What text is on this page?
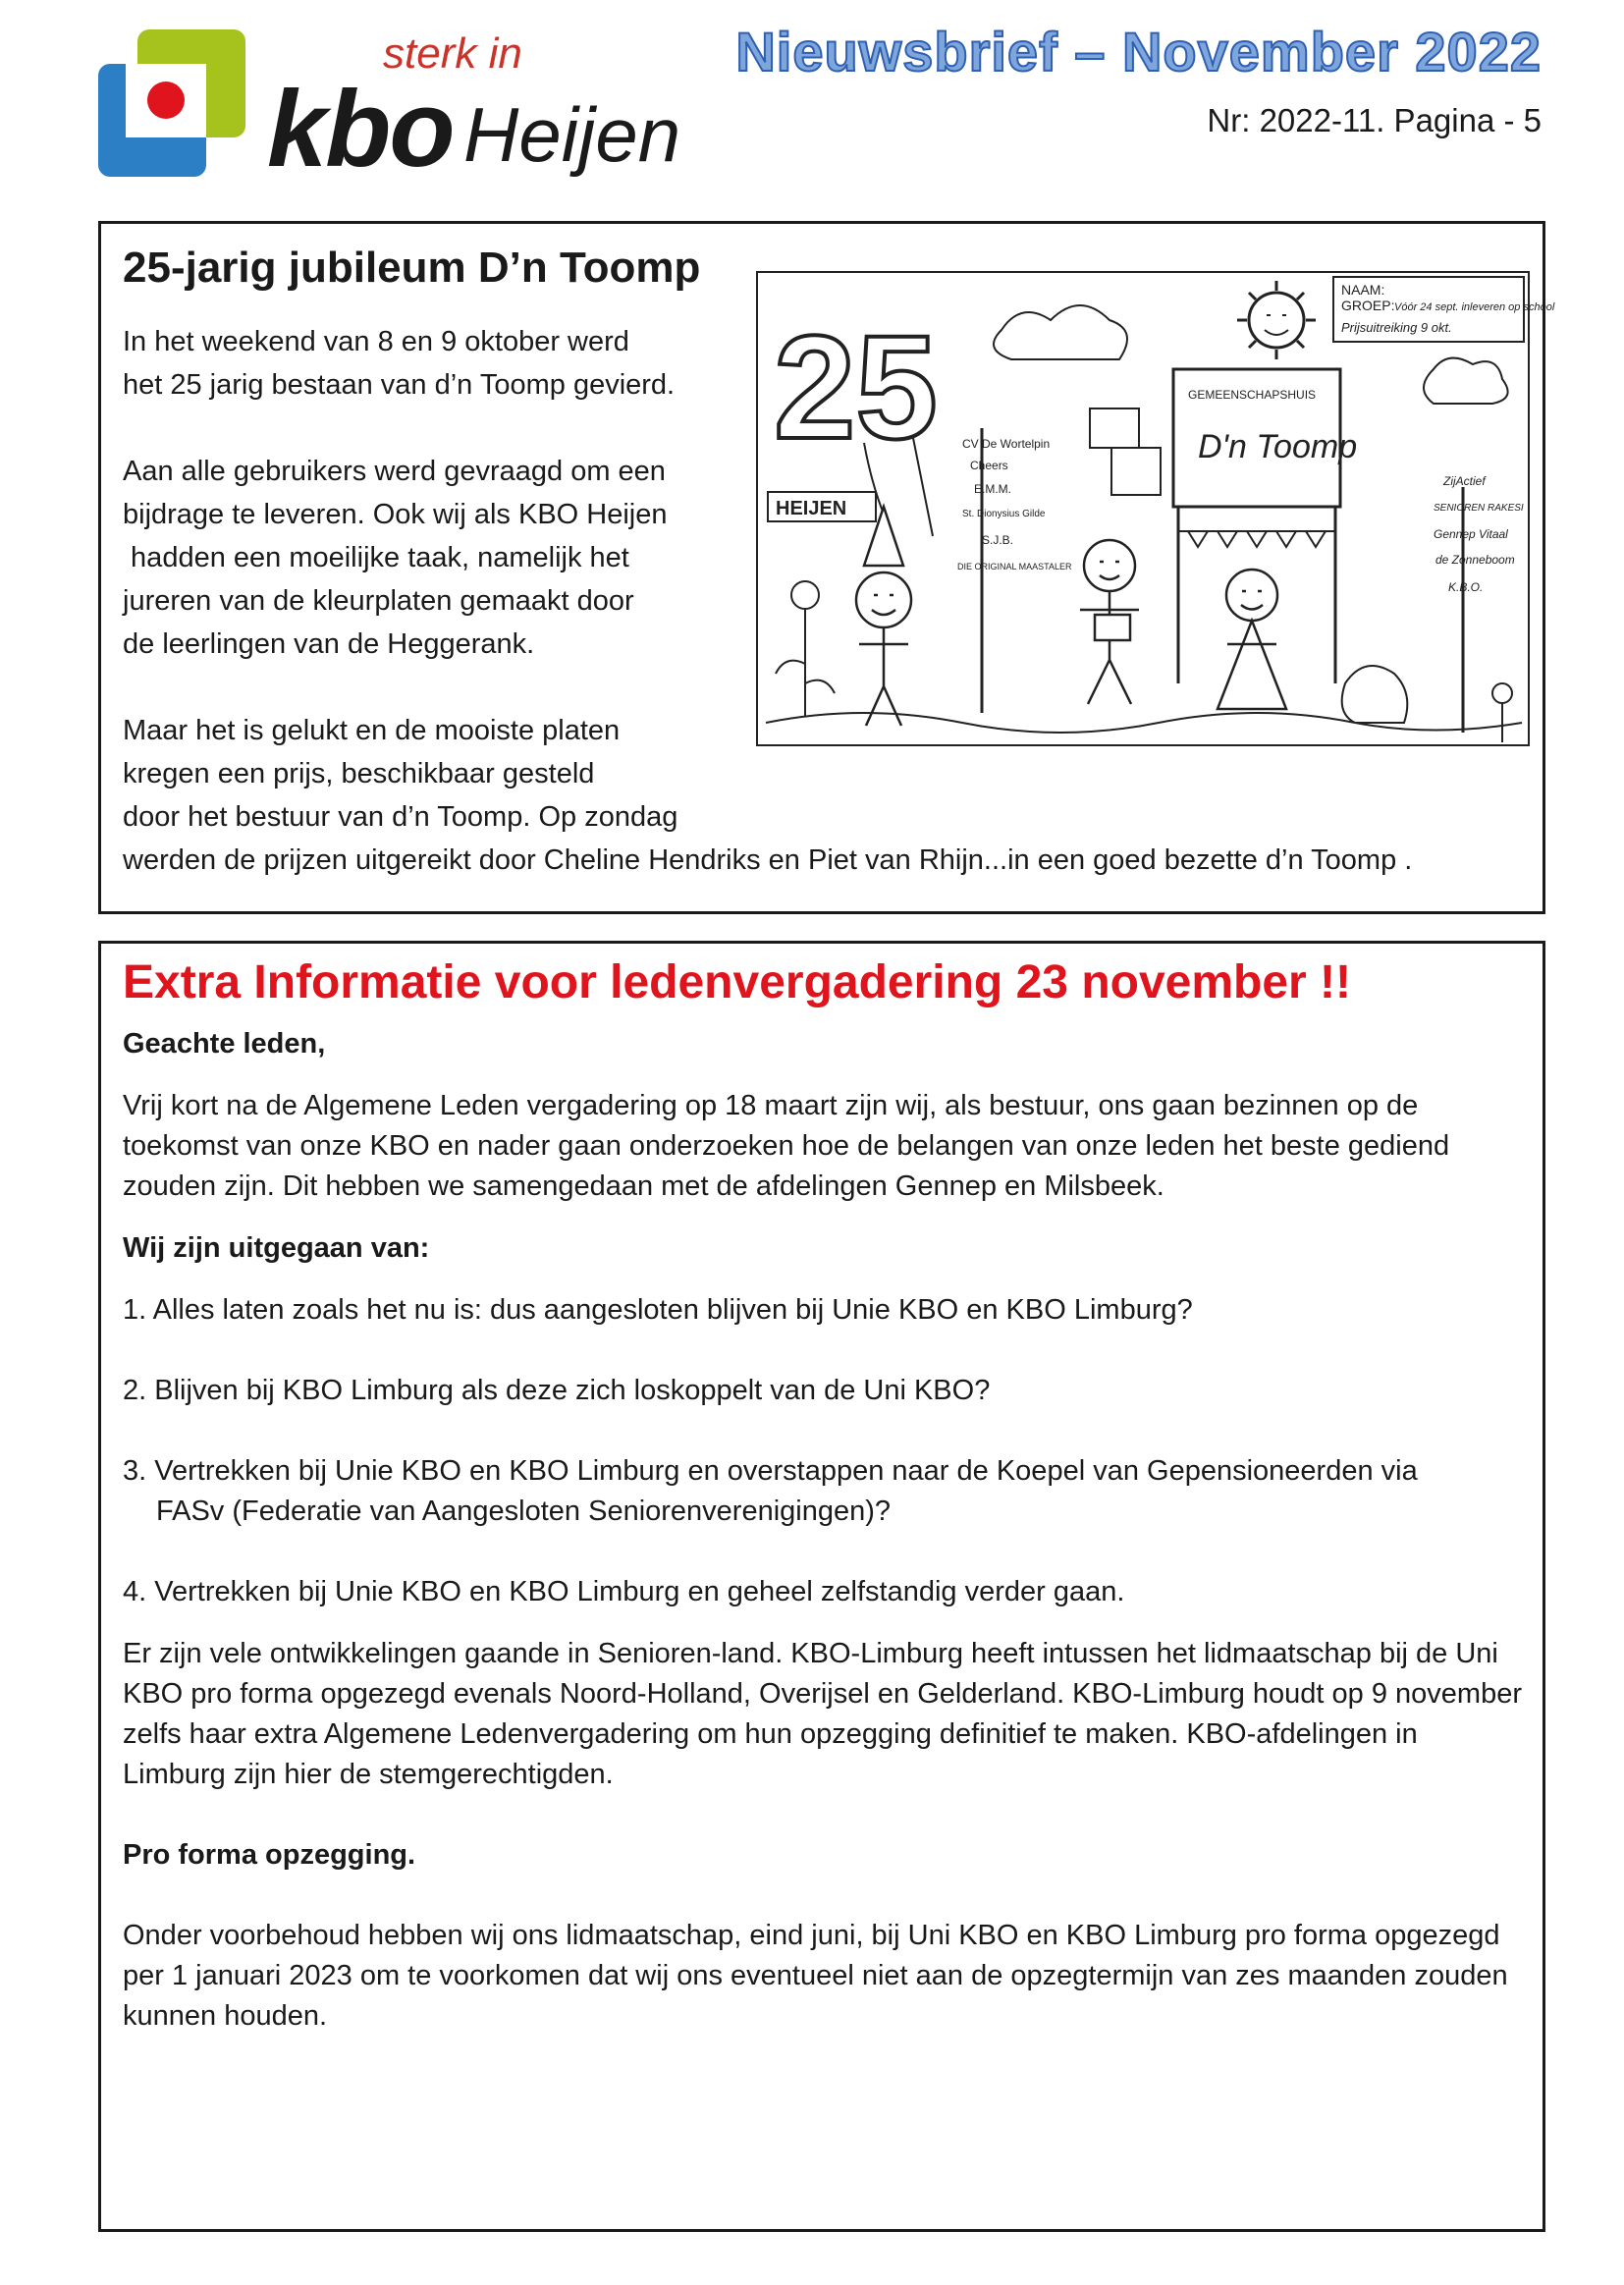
sterk in
kbo Heijen
Nieuwsbrief – November 2022
Nr: 2022-11. Pagina - 5
25-jarig jubileum D’n Toomp

In het weekend van 8 en 9 oktober werd
het 25 jarig bestaan van d’n Toomp gevierd.

Aan alle gebruikers werd gevraagd om een
bijdrage te leveren. Ook wij als KBO Heijen
hadden een moeilijke taak, namelijk het
jureren van de kleurplaten gemaakt door
de leerlingen van de Heggerank.

Maar het is gelukt en de mooiste platen
kregen een prijs, beschikbaar gesteld
door het bestuur van d’n Toomp. Op zondag

werden de prijzen uitgereikt door Cheline Hendriks en Piet van Rhijn...in een goed bezette d’n Toomp .
25
NAAM:
GROEP: Vóór 24 sept. inleveren op school
Prijsuitreiking 9 okt.
GEMEENSCHAPSHUIS
D'n Toomp
HEIJEN
CV De Wortelpin
Cheers
E.M.M.
St. Dionysius Gilde
S.J.B.
DIE ORIGINAL MAASTALER
ZijActief
SENIOREN RAKESI
Gennep Vitaal
de Zonneboom
K.B.O.
Extra Informatie voor ledenvergadering 23 november !!

Geachte leden,

Vrij kort na de Algemene Leden vergadering op 18 maart zijn wij, als bestuur, ons gaan bezinnen op de toekomst van onze KBO en nader gaan onderzoeken hoe de belangen van onze leden het beste gediend zouden zijn. Dit hebben we samengedaan met de afdelingen Gennep en Milsbeek.

Wij zijn uitgegaan van:

1. Alles laten zoals het nu is: dus aangesloten blijven bij Unie KBO en KBO Limburg?

2. Blijven bij KBO Limburg als deze zich loskoppelt van de Uni KBO?

3. Vertrekken bij Unie KBO en KBO Limburg en overstappen naar de Koepel van Gepensioneerden via
FASv (Federatie van Aangesloten Seniorenverenigingen)?

4. Vertrekken bij Unie KBO en KBO Limburg en geheel zelfstandig verder gaan.

Er zijn vele ontwikkelingen gaande in Senioren-land. KBO-Limburg heeft intussen het lidmaatschap bij de Uni KBO pro forma opgezegd evenals Noord-Holland, Overijsel en Gelderland. KBO-Limburg houdt op 9 november zelfs haar extra Algemene Ledenvergadering om hun opzegging definitief te maken. KBO-afdelingen in Limburg zijn hier de stemgerechtigden.

Pro forma opzegging.

Onder voorbehoud hebben wij ons lidmaatschap, eind juni, bij Uni KBO en KBO Limburg pro forma opgezegd per 1 januari 2023 om te voorkomen dat wij ons eventueel niet aan de opzegtermijn van zes maanden zouden kunnen houden.
